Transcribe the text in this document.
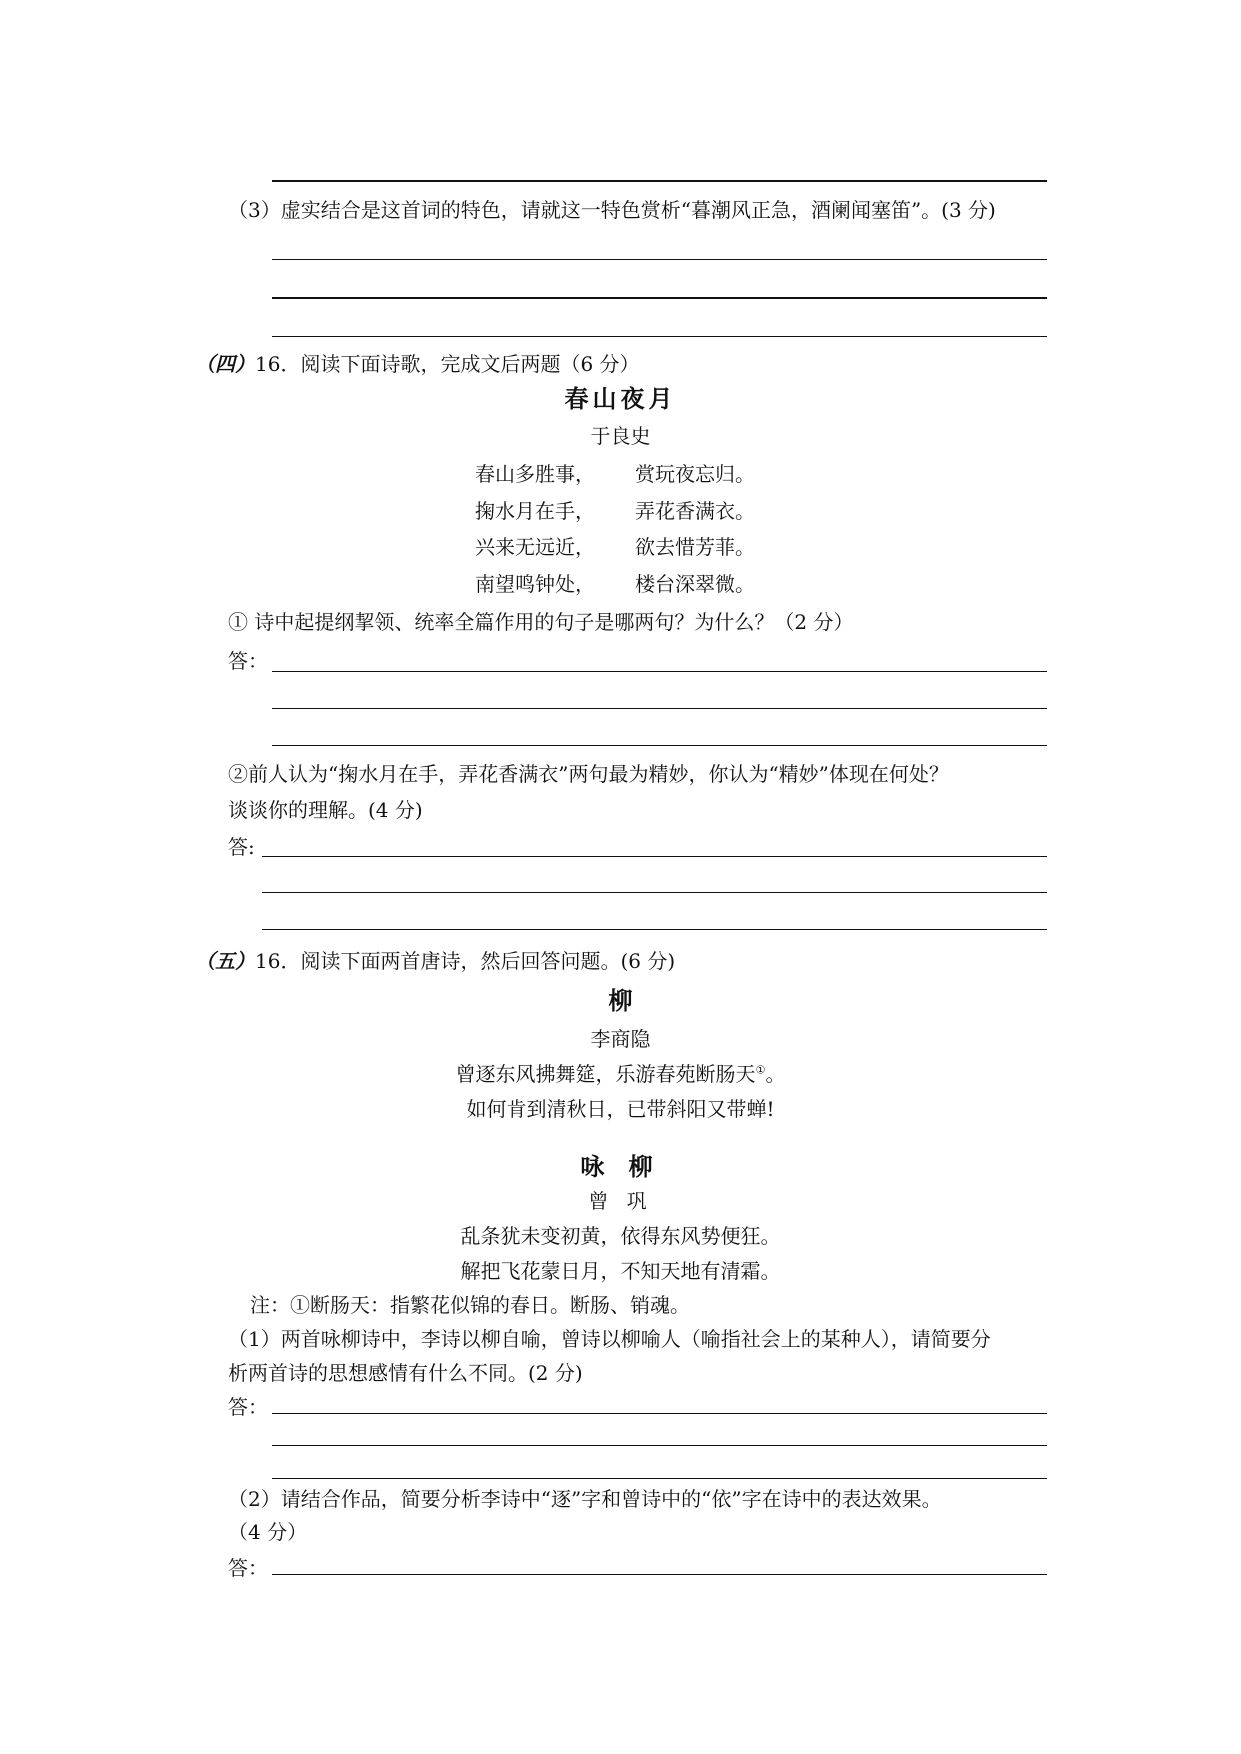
（3）虚实结合是这首词的特色，请就这一特色赏析“暮潮风正急，酒阑闻塞笛”。(3 分)
（四）16．阅读下面诗歌，完成文后两题（6 分）
春山夜月
于良史
春山多胜事， 赏玩夜忘归。
掬水月在手， 弄花香满衣。
兴来无远近， 欲去惜芳菲。
南望鸣钟处， 楼台深翠微。
① 诗中起提纲挈领、统率全篇作用的句子是哪两句？为什么？（2 分）
答：
②前人认为“掬水月在手，弄花香满衣”两句最为精妙，你认为“精妙”体现在何处？
谈谈你的理解。(4 分)
答:
（五）16．阅读下面两首唐诗，然后回答问题。(6 分)
柳
李商隐
曾逐东风拂舞筵，乐游春苑断肠天①。
如何肯到清秋日，已带斜阳又带蝉!
咏 柳
曾 巩
乱条犹未变初黄，依得东风势便狂。
解把飞花蒙日月，不知天地有清霜。
注：①断肠天：指繁花似锦的春日。断肠、销魂。
（1）两首咏柳诗中，李诗以柳自喻，曾诗以柳喻人（喻指社会上的某种人），请简要分
析两首诗的思想感情有什么不同。(2 分)
答：
（2）请结合作品，简要分析李诗中“逐”字和曾诗中的“依”字在诗中的表达效果。
（4 分）
答：
